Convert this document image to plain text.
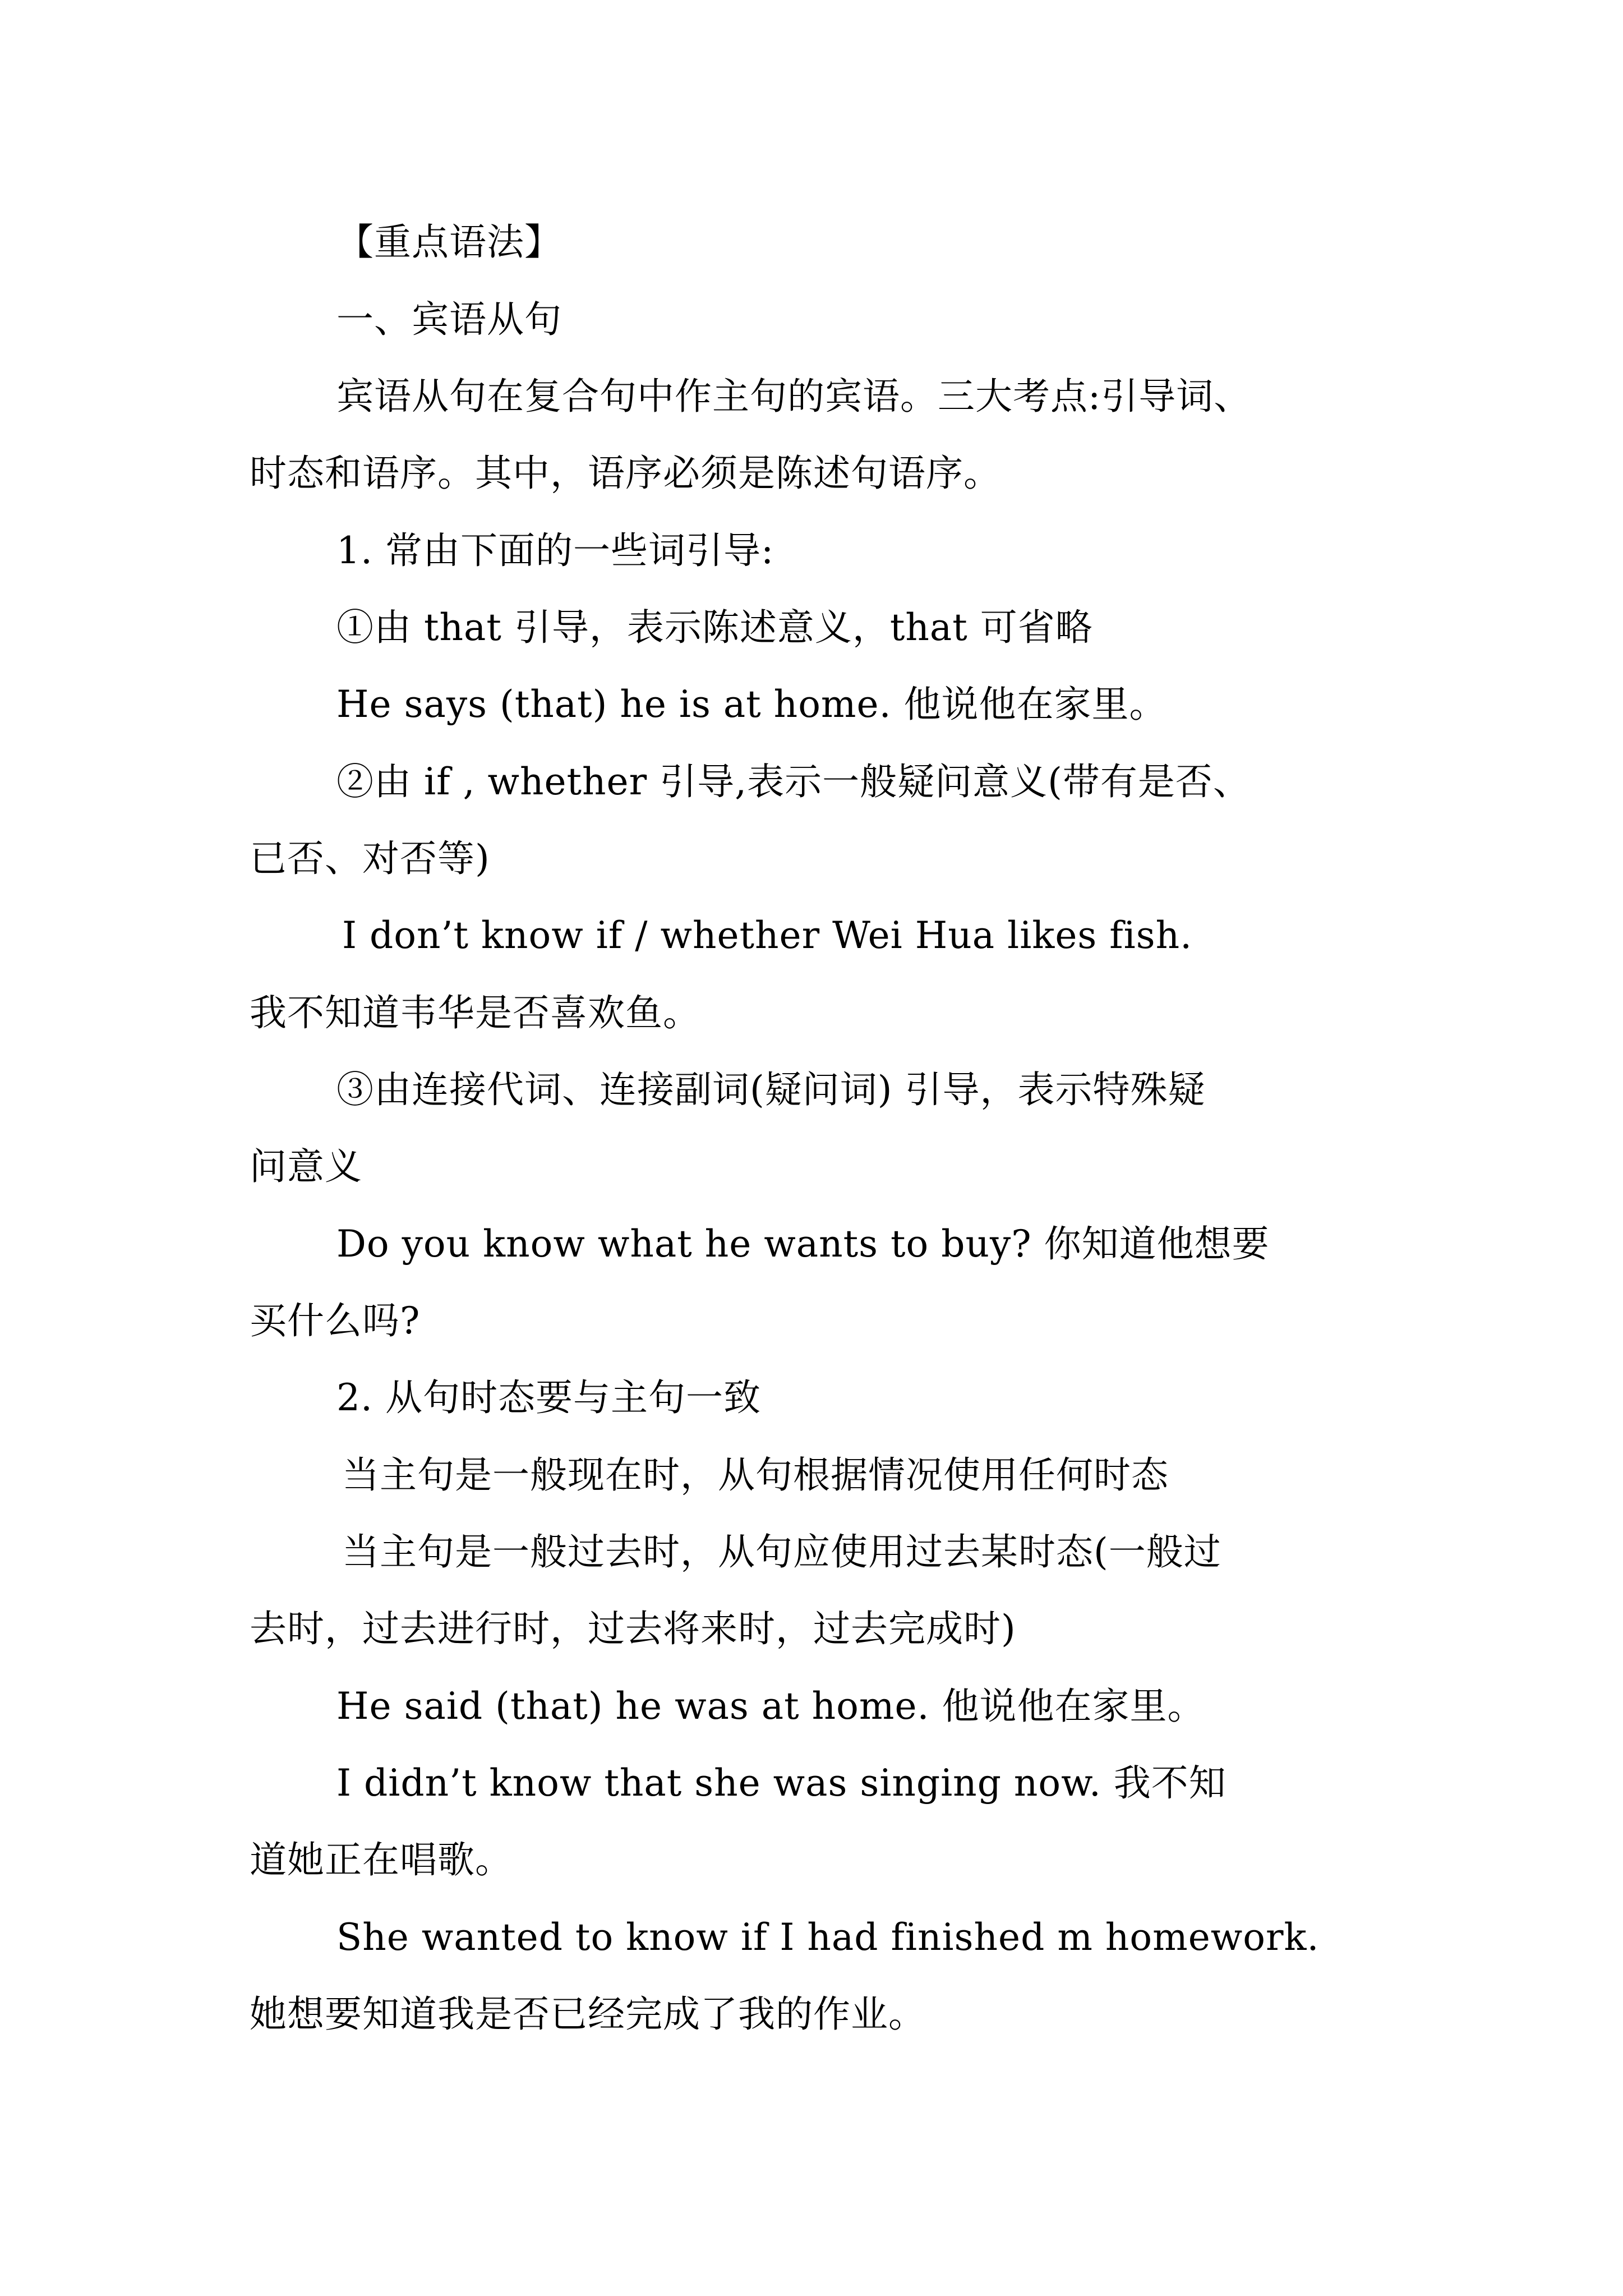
【重点语法】
一、宾语从句
宾语从句在复合句中作主句的宾语。三大考点:引导词、
时态和语序。其中，语序必须是陈述句语序。
1. 常由下面的一些词引导:
①由 that 引导，表示陈述意义，that 可省略
He says (that) he is at home. 他说他在家里。
②由 if , whether 引导,表示一般疑问意义(带有是否、
已否、对否等)
I don’t know if / whether Wei Hua likes fish.
我不知道韦华是否喜欢鱼。
③由连接代词、连接副词(疑问词) 引导，表示特殊疑
问意义
Do you know what he wants to buy? 你知道他想要
买什么吗?
2. 从句时态要与主句一致
当主句是一般现在时，从句根据情况使用任何时态
当主句是一般过去时，从句应使用过去某时态(一般过
去时，过去进行时，过去将来时，过去完成时)
He said (that) he was at home. 他说他在家里。
I didn’t know that she was singing now. 我不知
道她正在唱歌。
She wanted to know if I had finished m homework.
她想要知道我是否已经完成了我的作业。
